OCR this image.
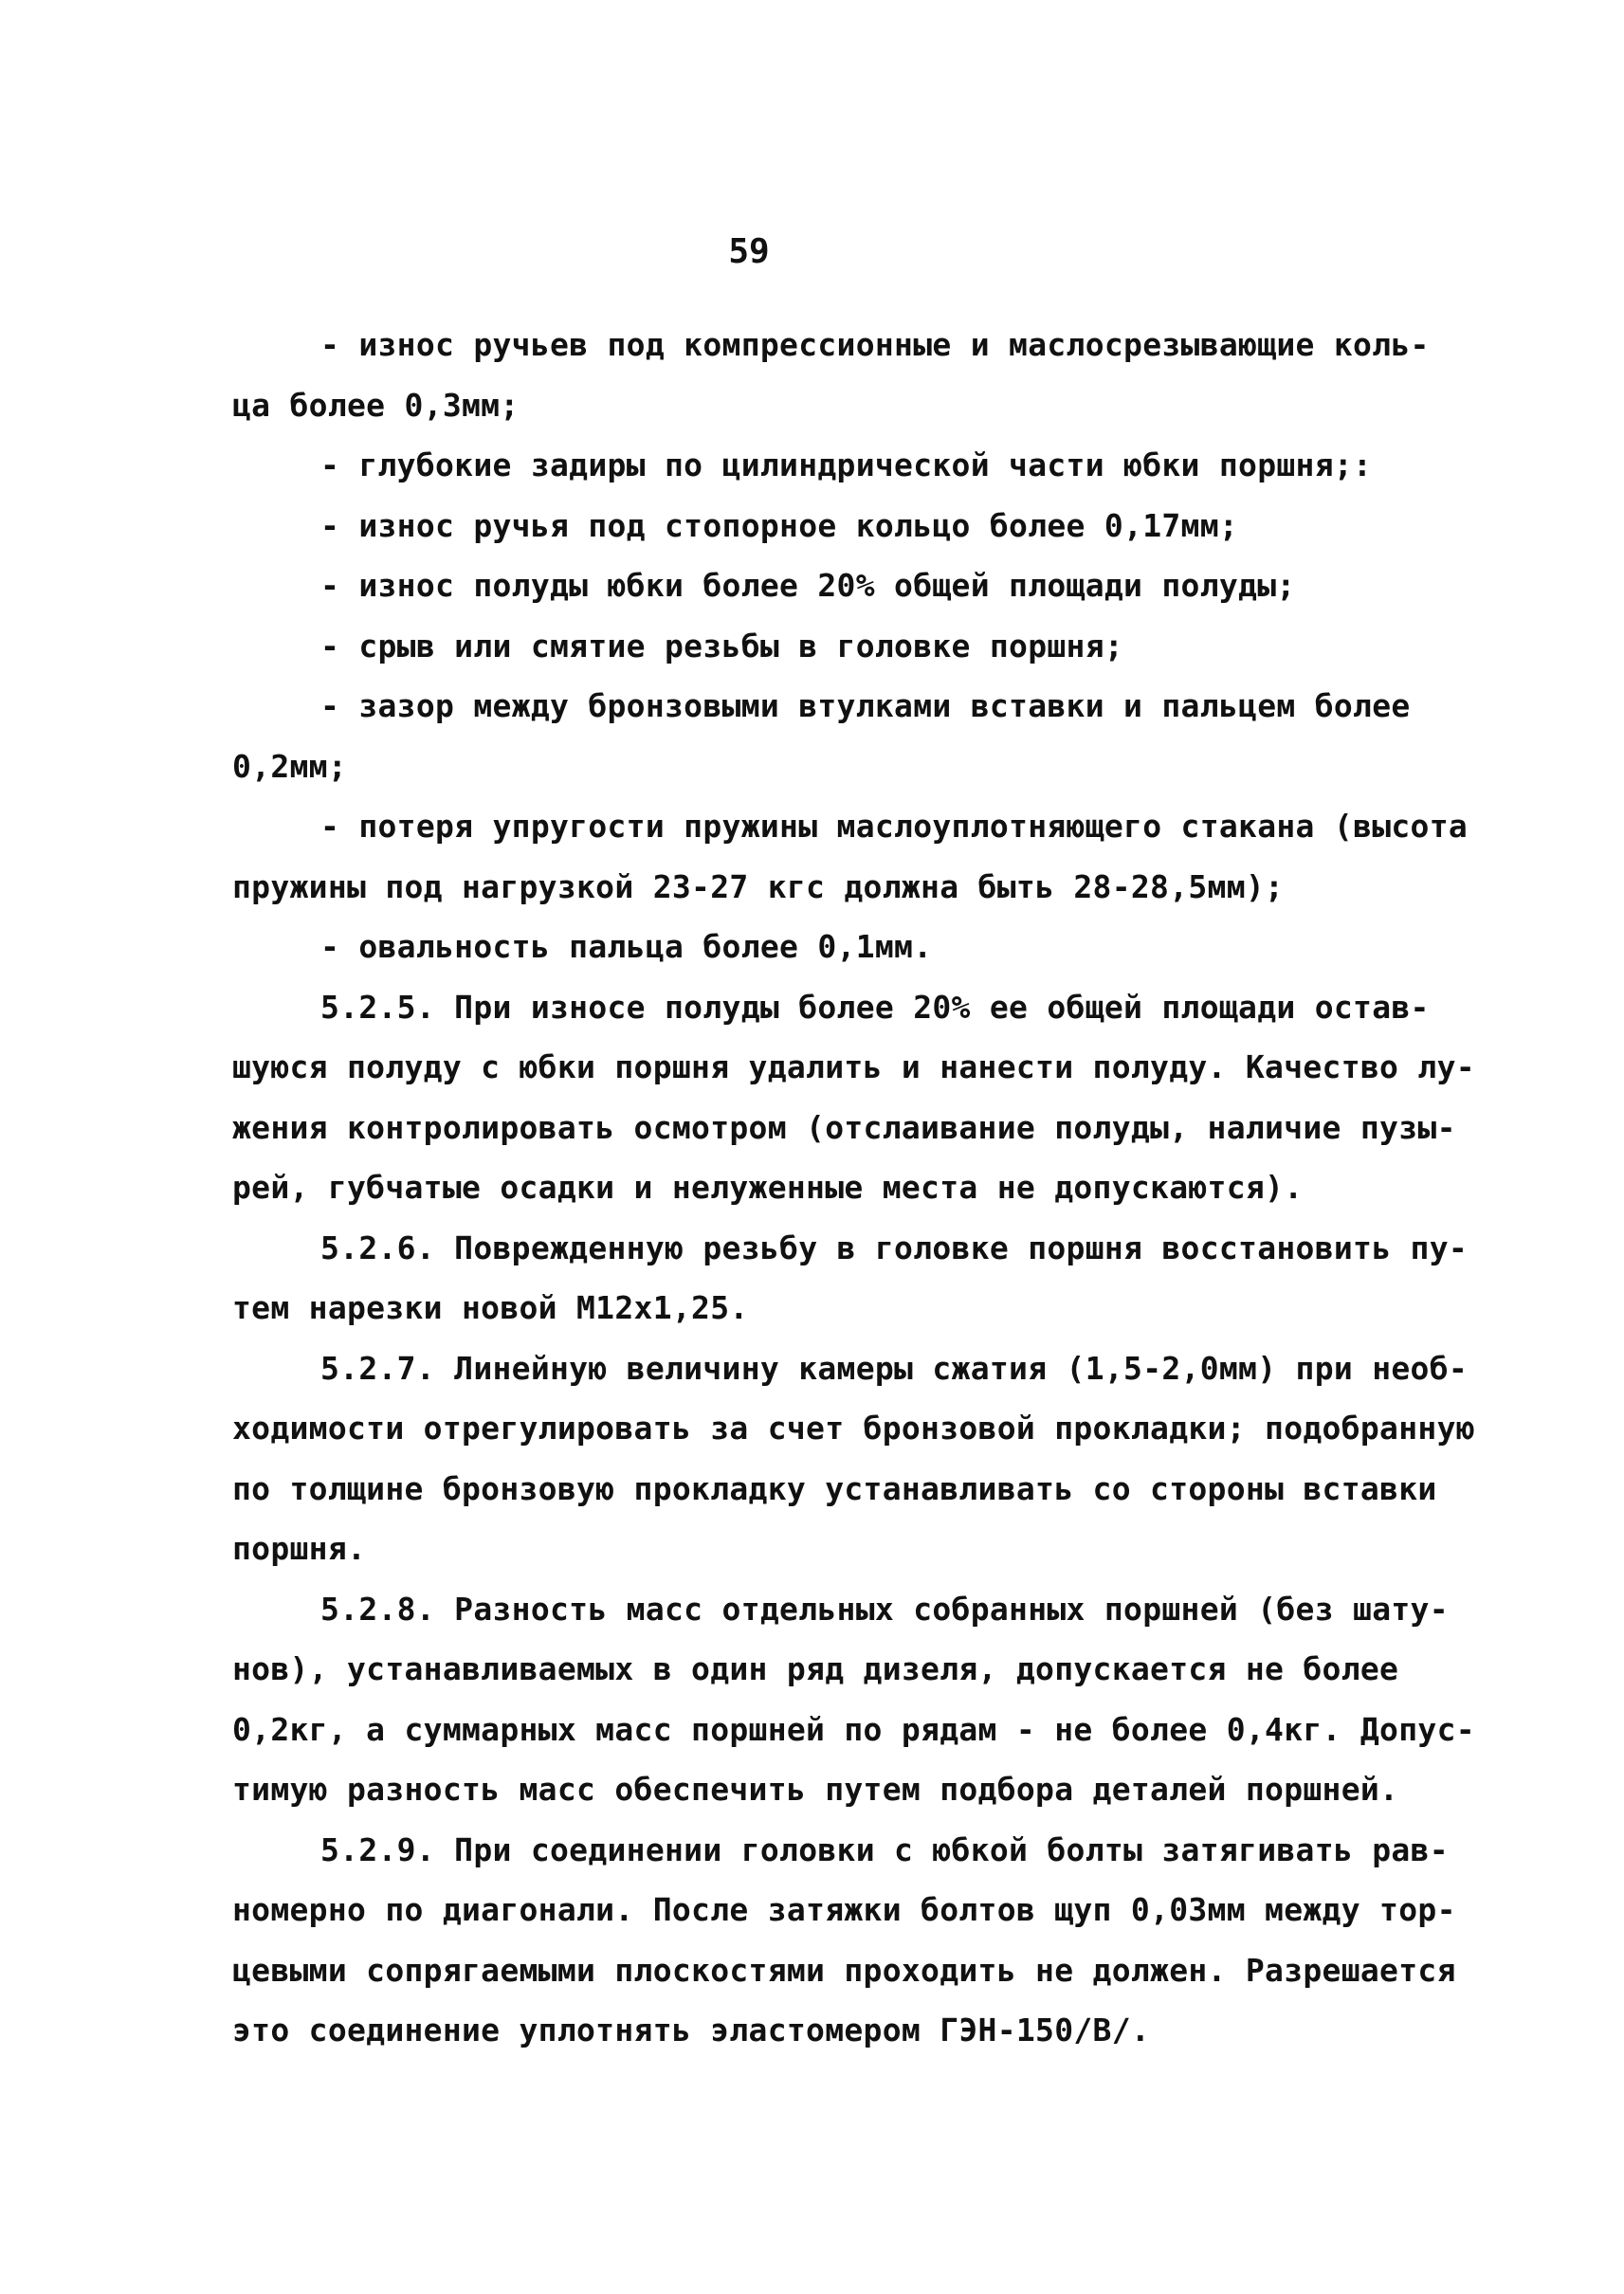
59
- износ ручьев под компрессионные и маслосрезывающие коль-
ца более 0,3мм;
- глубокие задиры по цилиндрической части юбки поршня;:
- износ ручья под стопорное кольцо более 0,17мм;
- износ полуды юбки более 20% общей площади полуды;
- срыв или смятие резьбы в головке поршня;
- зазор между бронзовыми втулками вставки и пальцем более
0,2мм;
- потеря упругости пружины маслоуплотняющего стакана (высота
пружины под нагрузкой 23-27 кгс должна быть 28-28,5мм);
- овальность пальца более 0,1мм.
5.2.5. При износе полуды более 20% ее общей площади остав-
шуюся полуду с юбки поршня удалить и нанести полуду. Качество лу-
жения контролировать осмотром (отслаивание полуды, наличие пузы-
рей, губчатые осадки и нелуженные места не допускаются).
5.2.6. Поврежденную резьбу в головке поршня восстановить пу-
тем нарезки новой М12х1,25.
5.2.7. Линейную величину камеры сжатия (1,5-2,0мм) при необ-
ходимости отрегулировать за счет бронзовой прокладки; подобранную
по толщине бронзовую прокладку устанавливать со стороны вставки
поршня.
5.2.8. Разность масс отдельных собранных поршней (без шату-
нов), устанавливаемых в один ряд дизеля, допускается не более
0,2кг, а суммарных масс поршней по рядам - не более 0,4кг. Допус-
тимую разность масс обеспечить путем подбора деталей поршней.
5.2.9. При соединении головки с юбкой болты затягивать рав-
номерно по диагонали. После затяжки болтов щуп 0,03мм между тор-
цевыми сопрягаемыми плоскостями проходить не должен. Разрешается
это соединение уплотнять эластомером ГЭН-150/В/.
